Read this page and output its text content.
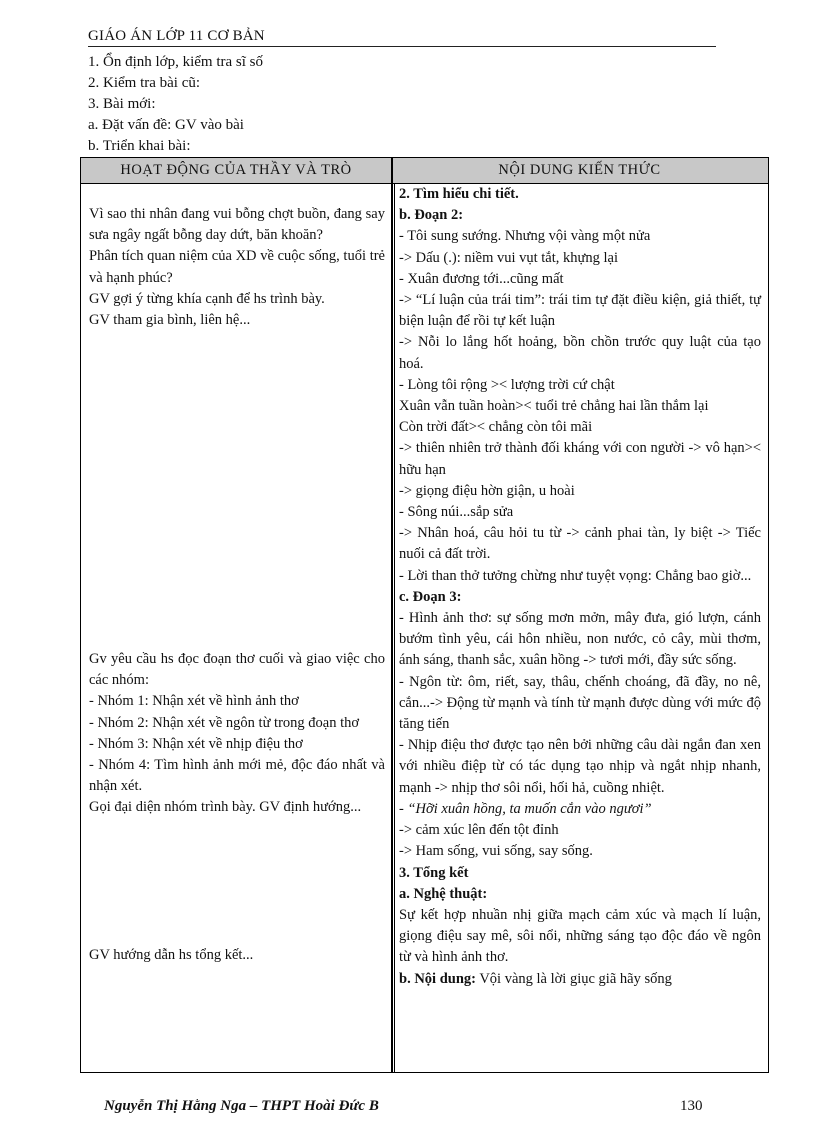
GIÁO ÁN LỚP 11 CƠ BẢN
1. Ổn định lớp, kiểm tra sĩ số
2. Kiểm tra bài cũ:
3. Bài mới:
a. Đặt vấn đề: GV vào bài
b. Triển khai bài:
HOẠT ĐỘNG CỦA THẦY VÀ TRÒ	NỘI DUNG KIẾN THỨC
Vì sao thi nhân đang vui bỗng chợt buồn, đang say sưa ngây ngất bỗng day dứt, băn khoăn?
Phân tích quan niệm của XD về cuộc sống, tuổi trẻ và hạnh phúc?
GV gợi ý từng khía cạnh để hs trình bày.
GV tham gia bình, liên hệ...
Gv yêu cầu hs đọc đoạn thơ cuối và giao việc cho các nhóm:
- Nhóm 1: Nhận xét về hình ảnh thơ
- Nhóm 2: Nhận xét về ngôn từ trong đoạn thơ
- Nhóm 3: Nhận xét về nhịp điệu thơ
- Nhóm 4: Tìm hình ảnh mới mẻ, độc đáo nhất và nhận xét.
Gọi đại diện nhóm trình bày. GV định hướng...
GV hướng dẫn hs tổng kết...
2. Tìm hiểu chi tiết.
b. Đoạn 2:
- Tôi sung sướng. Nhưng vội vàng một nửa
-> Dấu (.): niềm vui vụt tắt, khựng lại
- Xuân đương tới...cũng mất
-> “Lí luận của trái tim”: trái tim tự đặt điều kiện, giả thiết, tự biện luận để rồi tự kết luận
-> Nỗi lo lắng hốt hoảng, bồn chồn trước quy luật của tạo hoá.
- Lòng tôi rộng >< lượng trời cứ chật
Xuân vẫn tuần hoàn>< tuổi trẻ chẳng hai lần thắm lại
Còn trời đất>< chẳng còn tôi mãi
-> thiên nhiên trở thành đối kháng với con người -> vô hạn>< hữu hạn
-> giọng điệu hờn giận, u hoài
- Sông núi...sắp sửa
-> Nhân hoá, câu hỏi tu từ -> cảnh phai tàn, ly biệt -> Tiếc nuối cả đất trời.
- Lời than thở tưởng chừng như tuyệt vọng: Chẳng bao giờ...
c. Đoạn 3:
- Hình ảnh thơ: sự sống mơn mởn, mây đưa, gió lượn, cánh bướm tình yêu, cái hôn nhiều, non nước, cỏ cây, mùi thơm, ánh sáng, thanh sắc, xuân hồng -> tươi mới, đầy sức sống.
- Ngôn từ: ôm, riết, say, thâu, chếnh choáng, đã đầy, no nê, cắn...-> Động từ mạnh và tính từ mạnh được dùng với mức độ tăng tiến
- Nhịp điệu thơ được tạo nên bởi những câu dài ngắn đan xen với nhiều điệp từ có tác dụng tạo nhịp và ngắt nhịp nhanh, mạnh -> nhịp thơ sôi nổi, hối hả, cuồng nhiệt.
- “Hỡi xuân hồng, ta muốn cắn vào ngươi”
-> cảm xúc lên đến tột đỉnh
-> Ham sống, vui sống, say sống.
3. Tổng kết
a. Nghệ thuật:
Sự kết hợp nhuần nhị giữa mạch cảm xúc và mạch lí luận, giọng điệu say mê, sôi nổi, những sáng tạo độc đáo về ngôn từ và hình ảnh thơ.
b. Nội dung: Vội vàng là lời giục giã hãy sống
Nguyễn Thị Hằng Nga – THPT Hoài Đức B	130
